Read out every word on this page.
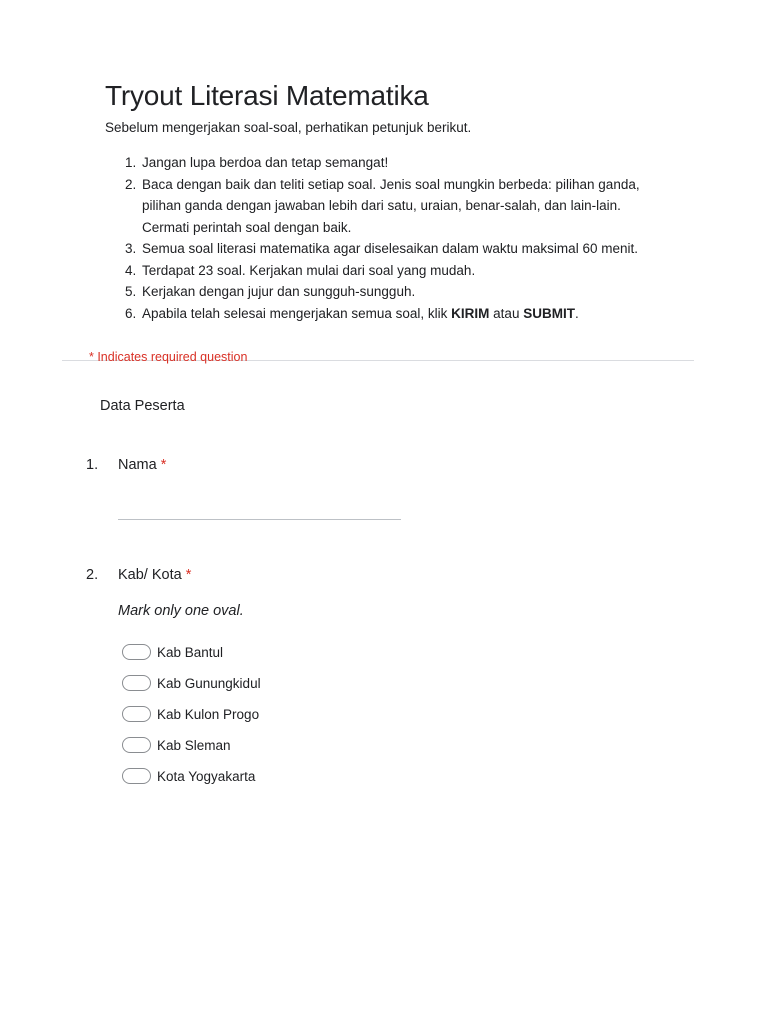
Tryout Literasi Matematika
Sebelum mengerjakan soal-soal, perhatikan petunjuk berikut.
1. Jangan lupa berdoa dan tetap semangat!
2. Baca dengan baik dan teliti setiap soal. Jenis soal mungkin berbeda: pilihan ganda, pilihan ganda dengan jawaban lebih dari satu, uraian, benar-salah, dan lain-lain. Cermati perintah soal dengan baik.
3. Semua soal literasi matematika agar diselesaikan dalam waktu maksimal 60 menit.
4. Terdapat 23 soal. Kerjakan mulai dari soal yang mudah.
5. Kerjakan dengan jujur dan sungguh-sungguh.
6. Apabila telah selesai mengerjakan semua soal, klik KIRIM atau SUBMIT.
* Indicates required question
Data Peserta
1. Nama *
2. Kab/ Kota *
Mark only one oval.
Kab Bantul
Kab Gunungkidul
Kab Kulon Progo
Kab Sleman
Kota Yogyakarta
